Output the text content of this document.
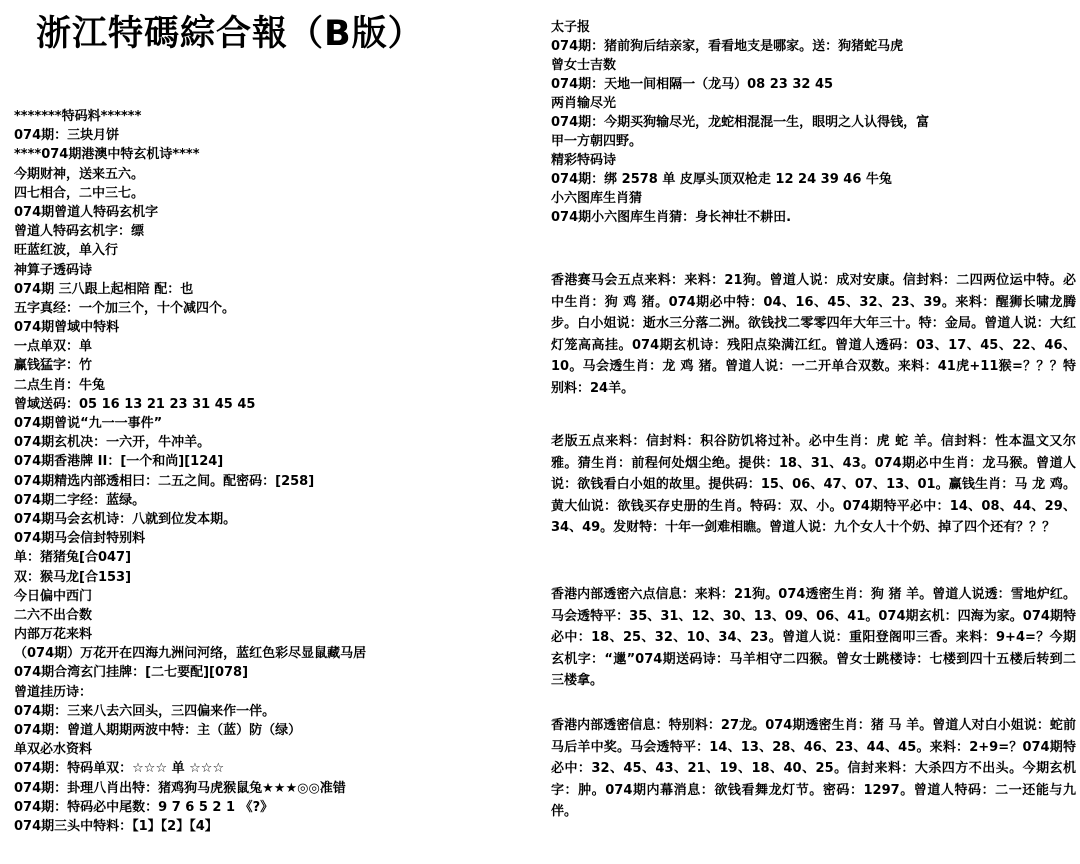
浙江特碼綜合報（B版）
*******特码料******
074期：三块月饼
****074期港澳中特玄机诗****
今期财神，送来五六。
四七相合，二中三七。
074期曾道人特码玄机字
曾道人特码玄机字：缥
旺蓝红波，单入行
神算子透码诗
074期 三八跟上起相陪 配：也
五字真经：一个加三个，十个减四个。
074期曾域中特料
一点单双：单
赢钱猛字：竹
二点生肖：牛兔
曾域送码：05 16 13 21 23 31 45 45
074期曾说“九一一事件”
074期玄机决：一六开，牛冲羊。
074期香港牌 II：[一个和尚][124]
074期精选内部透相曰：二五之间。配密码：[258]
074期二字经：蓝绿。
074期马会玄机诗：八就到位发本期。
074期马会信封特别料
单：猪猪兔[合047]
双：猴马龙[合153]
今日偏中西门
二六不出合数
内部万花来料
（074期）万花开在四海九洲问河络，蓝红色彩尽显鼠藏马居
074期合湾玄门挂牌：[二七要配][078]
曾道挂历诗：
074期：三来八去六回头，三四偏来作一伴。
074期：曾道人期期两波中特：主（蓝）防（绿）
单双必水资料
074期：特码单双：☆☆☆ 单 ☆☆☆
074期：卦理八肖出特：猪鸡狗马虎猴鼠兔★★★◎◎准错
074期：特码必中尾数：9 7 6 5 2 1 《?》
074期三头中特料：【1】【2】【4】
太子报
074期：猪前狗后结亲家，看看地支是哪家。送：狗猪蛇马虎
曾女士吉数
074期：天地一间相隔一（龙马）08 23 32 45
两肖输尽光
074期：今期买狗输尽光，龙蛇相混混一生，眼明之人认得钱，富
甲一方朝四野。
精彩特码诗
074期：绑 2578 单 皮厚头顶双枪走 12 24 39 46 牛兔
小六图库生肖猜
074期小六图库生肖猜：身长神壮不耕田.
香港赛马会五点来料：来料：21狗。曾道人说：成对安康。信封料：二四两位运中特。必中生肖：狗 鸡 猪。074期必中特：04、16、45、32、23、39。来料：醒狮长啸龙腾步。白小姐说：逝水三分落二洲。欲钱找二零零四年大年三十。特：金局。曾道人说：大红灯笼高高挂。074期玄机诗：残阳点染满江红。曾道人透码：03、17、45、22、46、10。马会透生肖：龙 鸡 猪。曾道人说：一二开单合双数。来料：41虎+11猴=？？？特别料：24羊。
老版五点来料：信封料：积谷防饥将过补。必中生肖：虎 蛇 羊。信封料：性本温文又尔雅。猜生肖：前程何处烟尘绝。提供：18、31、43。074期必中生肖：龙马猴。曾道人说：欲钱看白小姐的故里。提供码：15、06、47、07、13、01。赢钱生肖：马 龙 鸡。黄大仙说：欲钱买存史册的生肖。特码：双、小。074期特平必中：14、08、44、29、34、49。发财特：十年一剑难相瞧。曾道人说：九个女人十个奶、掉了四个还有？？？
香港内部透密六点信息：来料：21狗。074透密生肖：狗 猪 羊。曾道人说透：雪地炉红。马会透特平：35、31、12、30、13、09、06、41。074期玄机：四海为家。074期特必中：18、25、32、10、34、23。曾道人说：重阳登阁叩三香。来料：9+4=？今期玄机字：“邋”074期送码诗：马羊相守二四猴。曾女士跳楼诗：七楼到四十五楼后转到二三楼拿。
香港内部透密信息：特别料：27龙。074期透密生肖：猪 马 羊。曾道人对白小姐说：蛇前马后羊中奖。马会透特平：14、13、28、46、23、44、45。来料：2+9=？074期特必中：32、45、43、21、19、18、40、25。信封来料：大杀四方不出头。今期玄机字：肿。074期内幕消息：欲钱看舞龙灯节。密码：1297。曾道人特码：二一还能与九伴。
